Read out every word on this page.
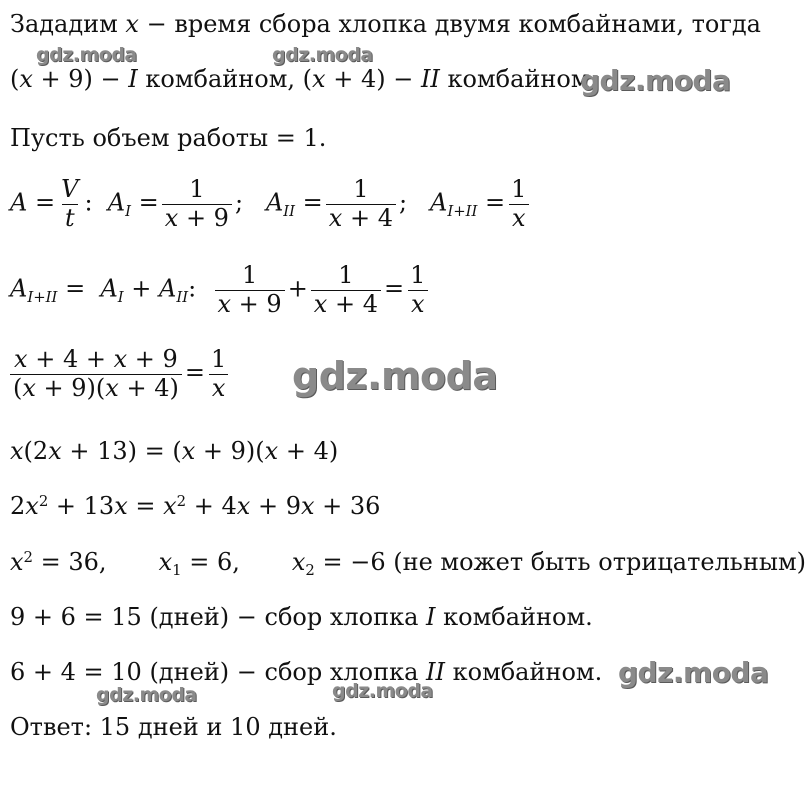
Зададим x − время сбора хлопка двумя комбайнами, тогда
(x + 9) − I комбайном, (x + 4) − II комбайном.
Пусть объем работы = 1.
$A = \frac{V}{t}$ :  $A_I = \frac{1}{x + 9}$ ;   $A_{II} = \frac{1}{x + 4}$ ;   $A_{I+II} = \frac{1}{x}$
$A_{I+II} = A_I + A_{II}$: $\frac{1}{x + 9} + \frac{1}{x + 4} = \frac{1}{x}$
$\frac{x + 4 + x + 9}{(x + 9)(x + 4)} = \frac{1}{x}$
x(2x + 13) = (x + 9)(x + 4)
$2x^2 + 13x = x^2 + 4x + 9x + 36$
$x^2 = 36$, $x_1 = 6$, $x_2 = -6$ (не может быть отрицательным)
9 + 6 = 15 (дней) − сбор хлопка I комбайном.
6 + 4 = 10 (дней) − сбор хлопка II комбайном.
Ответ: 15 дней и 10 дней.
gdz.moda	gdz.moda
gdz.moda
gdz.moda
gdz.moda
gdz.moda	gdz.moda
